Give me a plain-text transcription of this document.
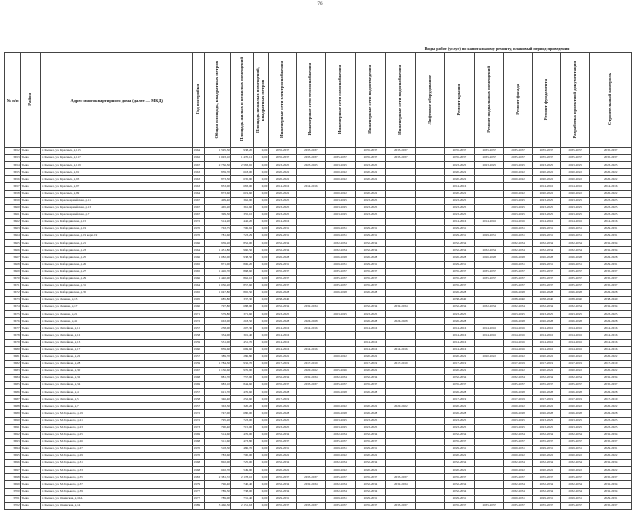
76
Виды работ (услуг) по капитальному ремонту, плановый период проведения
№ п/п	Район	Адрес многоквартирного дома (далее — МКД)	Год постройки	Общая площадь, квадратных метров	Площадь жилых и нежилых помещений	Площадь нежилых помещений, квадратных метров	Инженерные сети электроснабжения	Инженерные сети теплоснабжения	Инженерные сети газоснабжения	Инженерные сети водоотведения	Инженерные сети водоснабжения	Лифтовое оборудование	Ремонт крыши	Ремонт подвальных помещений	Ремонт фасада	Ремонт фундамента	Разработка проектной документации	Строительный контроль
3652	Тыва	г. Кызыл, ул. Красных, д.115	1964	1 595,50	938,20	0,00	2035-2037	2035-2037		2035-2037	2035-2037		2035-2037	2035-2037	2035-2037	2035-2037	2035-2037	2035-2037
3653	Тыва	г. Кызыл, ул. Красных, д.117	1962	1 693,10	1 470,12	0,00	2035-2037	2035-2037	2035-2037	2035-2037	2035-2037		2035-2037	2035-2037	2035-2037	2035-2037	2035-2037	2035-2037
3654	Тыва	г. Кызыл, ул. Красных, д.119	1967	2 756,50	2 583,65	0,00	2023-2025	2023-2025	2023-2025	2023-2025			2023-2025	2023-2025	2023-2025	2023-2025	2023-2025	2023-2025
3655	Тыва	г. Кызыл, ул. Красных, д.91	1963	839,70	618,00	0,00	2020-2022		2020-2022	2020-2022			2020-2022		2020-2022	2020-2022	2020-2022	2020-2022
3656	Тыва	г. Кызыл, ул. Красных, д.93	1963	873,50	635,90	0,00	2020-2022		2020-2022	2020-2022			2020-2022		2020-2022	2020-2022	2020-2022	2020-2022
3657	Тыва	г. Кызыл, ул. Красных, д.97	1963	853,00	683,00	0,00	2014-2016	2014-2016					2014-2016			2014-2016	2014-2016	2014-2016
3658	Тыва	г. Кызыл, ул. Красных, д.99	1964	873,60	619,60	0,00	2020-2022		2020-2022	2020-2022			2020-2022		2020-2022	2020-2022	2020-2022	2020-2022
3659	Тыва	г. Кызыл, ул. Красноармейская, д.11	1967	409,40	362,90	0,00	2023-2025		2023-2025	2023-2025			2023-2025		2023-2025	2023-2025	2023-2025	2023-2025
3660	Тыва	г. Кызыл, ул. Красноармейская, д.13	1967	465,20	361,60	0,00	2023-2025		2023-2025	2023-2025			2023-2025		2023-2025	2023-2025	2023-2025	2023-2025
3661	Тыва	г. Кызыл, ул. Красноармейская, д.7	1967	399,50	355,10	0,00	2023-2025		2023-2025	2023-2025			2023-2025		2023-2025	2023-2025	2023-2025	2023-2025
3662	Тыва	г. Кызыл, ул. Кабардинская, д.15	1972	514,20	442,20	0,00	2014-2016						2014-2016	2014-2016	2014-2016	2014-2016	2014-2016	2014-2016
3663	Тыва	г. Кызыл, ул. Кабардинская, д.19	1970	763,75	706,92	0,00	2029-2031		2029-2031	2029-2031			2029-2031		2029-2031	2029-2031	2029-2031	2029-2031
3664	Тыва	г. Кызыл, ул. Кабардинская, д.19 корп.19	1970	781,60	723,29	0,00	2029-2031		2029-2031	2029-2031			2029-2031	2029-2031	2029-2031	2029-2031	2029-2031	2029-2031
3665	Тыва	г. Кызыл, ул. Кабардинская, д.21	1966	939,20	852,00	0,00	2032-2034		2032-2034	2032-2034			2032-2034		2032-2034	2032-2034	2032-2034	2032-2034
3666	Тыва	г. Кызыл, ул. Кабардинская, д.23	1964	1 451,80	960,50	0,00	2032-2034		2032-2034	2032-2034			2032-2034	2032-2034	2032-2034	2032-2034	2032-2034	2032-2034
3667	Тыва	г. Кызыл, ул. Кабардинская, д.25	1966	1 082,00	938,50	0,00	2026-2028		2026-2028	2026-2028			2026-2028	2026-2028	2026-2028	2026-2028	2026-2028	2026-2028
3668	Тыва	г. Кызыл, ул. Кабардинская, д.26	1965	871,00	806,20	0,00	2029-2031		2029-2031	2029-2031			2029-2031		2029-2031	2029-2031	2029-2031	2029-2031
3669	Тыва	г. Кызыл, ул. Кабардинская, д.27	1965	1 426,70	868,60	0,00	2035-2037		2035-2037	2035-2037			2035-2037	2035-2037	2035-2037	2035-2037	2035-2037	2035-2037
3670	Тыва	г. Кызыл, ул. Кабардинская, д.29	1966	1 440,00	862,10	0,00	2035-2037		2035-2037	2035-2037			2035-2037	2035-2037	2035-2037	2035-2037	2035-2037	2035-2037
3671	Тыва	г. Кызыл, ул. Кабардинская, д.31	1964	1 056,20	857,60	0,00	2035-2037		2035-2037	2035-2037			2035-2037		2035-2037	2035-2037	2035-2037	2035-2037
3672	Тыва	г. Кызыл, ул. Кабардинская, д.35	1965	1 047,80	865,50	0,00	2026-2028		2026-2028	2026-2028			2026-2028		2026-2028	2026-2028	2026-2028	2026-2028
3673	Тыва	г. Кызыл, ул. Ленина, д.13	1995	685,80	337,30	0,00	2038-2040						2038-2040		2038-2040	2038-2040	2038-2040	2038-2040
3674	Тыва	г. Кызыл, ул. Ленина, д.17	1960	797,80	688,90	0,00	2032-2034	2032-2034		2032-2034	2032-2034		2032-2034	2032-2034	2032-2034	2032-2034	2032-2034	2032-2034
3675	Тыва	г. Кызыл, ул. Ленина, д.21	1971	579,80	371,60	0,00	2023-2025		2023-2025	2023-2025			2023-2025		2023-2025	2023-2025	2023-2025	2023-2025
3676	Тыва	г. Кызыл, ул. Ленина, д.41	1972	663,00	218,50	0,00	2026-2028	2026-2028		2026-2028	2026-2028		2026-2028		2026-2028	2026-2028	2026-2028	2026-2028
3677	Тыва	г. Кызыл, ул. Литейная, д.11	1957	258,00	207,30	0,00	2014-2016	2014-2016		2014-2016			2014-2016	2014-2016	2014-2016	2014-2016	2014-2016	2014-2016
3678	Тыва	г. Кызыл, ул. Литейная, д.12	1958	354,00	301,40	0,00	2014-2016						2014-2016	2014-2016	2014-2016	2014-2016	2014-2016	2014-2016
3679	Тыва	г. Кызыл, ул. Литейная, д.13	1959	531,00	451,70	0,00	2014-2016			2014-2016			2014-2016		2014-2016	2014-2016	2014-2016	2014-2016
3680	Тыва	г. Кызыл, ул. Литейная, д.17	1960	859,60	669,60	0,00	2014-2016	2014-2016		2014-2016	2014-2016		2014-2016		2014-2016	2014-2016	2014-2016	2014-2016
3681	Тыва	г. Кызыл, ул. Литейная, д.22	1957	389,70	286,80	0,00	2020-2022		2020-2022	2020-2022			2020-2022	2020-2022	2020-2022	2020-2022	2020-2022	2020-2022
3682	Тыва	г. Кызыл, ул. Литейная, д.28	1959	1 784,30	932,70	0,00	2017-2019	2017-2019		2017-2019	2017-2019		2017-2019		2017-2019	2017-2019	2017-2019	2017-2019
3683	Тыва	г. Кызыл, ул. Литейная, д.30	1967	1 136,60	976,90	0,00	2020-2022	2020-2022	2025-2026	2020-2022			2020-2022		2020-2022	2020-2022	2020-2022	2020-2022
3684	Тыва	г. Кызыл, ул. Литейная, д.32	1968	881,70	757,90	0,00	2032-2034	2032-2034	2032-2034	2032-2034			2032-2034		2032-2034	2032-2034	2032-2034	2032-2034
3685	Тыва	г. Кызыл, ул. Литейная, д.34	1969	983,10	844,60	0,00	2035-2037	2035-2037	2035-2037	2035-2037			2035-2037		2035-2037	2035-2037	2035-2037	2035-2037
3686	Тыва	г. Кызыл, ул. Литейная, д.4	1957	621,70	476,60	0,00	2026-2028		2026-2028	2026-2028			2026-2028		2026-2028	2026-2028	2026-2028	2026-2028
3687	Тыва	г. Кызыл, ул. Литейная, д.5	1958	346,40	252,60	0,00	2017-2019						2017-2019		2017-2019	2017-2019	2017-2019	2017-2019
3688	Тыва	г. Кызыл, ул. Литейная, д.7	1957	363,30	320,20	0,00	2020-2022		2020-2022	2020-2022	2020-2022		2020-2022		2020-2022	2020-2022	2020-2022	2020-2022
3689	Тыва	г. Кызыл, ул. М.Горького, д.19	1972	747,00	680,00	0,00	2026-2028		2026-2028	2026-2028			2026-2028		2026-2028	2026-2028	2026-2028	2026-2028
3690	Тыва	г. Кызыл, ул. М.Горького, д.21	1972	795,20	723,00	0,00	2023-2025		2023-2025	2023-2025			2023-2025		2023-2025	2023-2025	2023-2025	2023-2025
3691	Тыва	г. Кызыл, ул. М.Горького, д.23	1973	790,40	715,00	0,00	2023-2025		2023-2025	2023-2025			2023-2025		2023-2025	2023-2025	2023-2025	2023-2025
3692	Тыва	г. Кызыл, ул. М.Горького, д.25	1969	514,60	476,00	0,00	2032-2034		2032-2034	2032-2034			2032-2034		2032-2034	2032-2034	2032-2034	2032-2034
3693	Тыва	г. Кызыл, ул. М.Горького, д.26	1968	511,60	473,80	0,00	2035-2037		2035-2037	2035-2037			2035-2037		2035-2037	2035-2037	2035-2037	2035-2037
3694	Тыва	г. Кызыл, ул. М.Горького, д.27	1970	518,30	486,70	0,00	2029-2031		2029-2031	2029-2031			2029-2031		2029-2031	2029-2031	2029-2031	2029-2031
3695	Тыва	г. Кызыл, ул. М.Горького, д.29	1970	783,60	700,00	0,00	2020-2022		2020-2022	2020-2022			2020-2022		2020-2022	2020-2022	2020-2022	2020-2022
3696	Тыва	г. Кызыл, ул. М.Горького, д.31	1968	802,00	725,00	0,00	2032-2034		2032-2034	2032-2034			2032-2034		2032-2034	2032-2034	2032-2034	2032-2034
3697	Тыва	г. Кызыл, ул. М.Горького, д.33	1968	602,70	549,90	0,00	2020-2022		2020-2022	2020-2022			2020-2022		2020-2022	2020-2022	2020-2022	2020-2022
3698	Тыва	г. Кызыл, ул. М.Горького, д.35	1983	2 381,72	2 178,10	0,00	2035-2037	2035-2037	2035-2037	2035-2037	2035-2037		2035-2037		2035-2037	2035-2037	2035-2037	2035-2037
3699	Тыва	г. Кызыл, ул. М.Горького, д.37	1979	796,40	740,40	0,00	2032-2034	2032-2034	2032-2034	2032-2034	2032-2034		2032-2034		2032-2034	2032-2034	2032-2034	2032-2034
3700	Тыва	г. Кызыл, ул. М.Горького, д.39	1977	789,50	738,00	0,00	2032-2034		2032-2034	2032-2034			2032-2034		2032-2034	2032-2034	2032-2034	2032-2034
3701	Тыва	г. Кызыл, ул. Окинская, д.10А	1977	789,00	731,40	0,00	2029-2031		2029-2031	2029-2031			2029-2031		2029-2031	2029-2031	2029-2031	2029-2031
3702	Тыва	г. Кызыл, ул. Окинская, д.14	1989	3 466,50	2 151,63	0,00	2035-2037	2035-2037	2035-2037	2035-2037	2035-2037		2035-2037	2035-2037	2035-2037	2035-2037	2035-2037	2035-2037
